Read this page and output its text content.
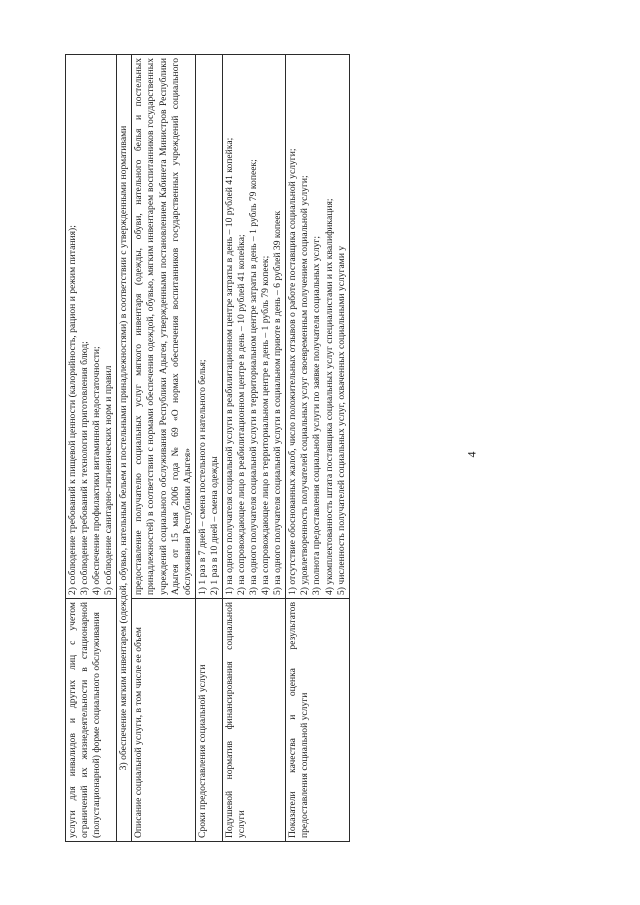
4
услуги для инвалидов и других лиц с учетом ограничений их жизнедеятельности в стационарной (полустационарной) форме социального обслуживания	2) соблюдение требований к пищевой ценности (калорийность, рацион и режим питания); 3) соблюдение требований к технологии приготовления блюд; 4) обеспечение профилактики витаминной недостаточности; 5) соблюдение санитарно-гигиенических норм и правил

3) обеспечение мягким инвентарем (одеждой, обувью, нательным бельем и постельными принадлежностями) в соответствии с утвержденными нормативами	
Описание социальной услуги, в том числе ее объем	предоставление получателю социальных услуг мягкого инвентаря (одежды, обуви, нательного белья и постельных принадлежностей) в соответствии с нормами обеспечения одеждой, обувью, мягким инвентарем воспитанников государственных учреждений социального обслуживания Республики Адыгея, утвержденными постановлением Кабинета Министров Республики Адыгея от 15 мая 2006 года № 69 «О нормах обеспечения воспитанников государственных учреждений социального обслуживания Республики Адыгея»

Сроки предоставления социальной услуги	1) 1 раз в 7 дней – смена постельного и нательного белья; 2) 1 раз в 10 дней – смена одежды

Подушевой норматив финансирования социальной услуги	1) на одного получателя социальной услуги в реабилитационном центре затраты в день – 10 рублей 41 копейка; 2) на сопровождающее лицо в реабилитационном центре в день – 10 рублей 41 копейка; 3) на одного получателя социальной услуги в территориальном центре затраты в день – 1 рубль 79 копеек; 4) на сопровождающее лицо в территориальном центре в день – 1 рубль 79 копеек; 5) на одного получателя социальной услуги в социальном приюте в день – 6 рублей 39 копеек

Показатели качества и оценка результатов предоставления социальной услуги	1) отсутствие обоснованных жалоб, число положительных отзывов о работе поставщика социальной услуги; 2) удовлетворенность получателей социальных услуг своевременным получением социальной услуги; 3) полнота предоставления социальной услуги по заявке получателя социальных услуг; 4) укомплектованность штата поставщика социальных услуг специалистами и их квалификация; 5) численность получателей социальных услуг, охваченных социальными услугами у
